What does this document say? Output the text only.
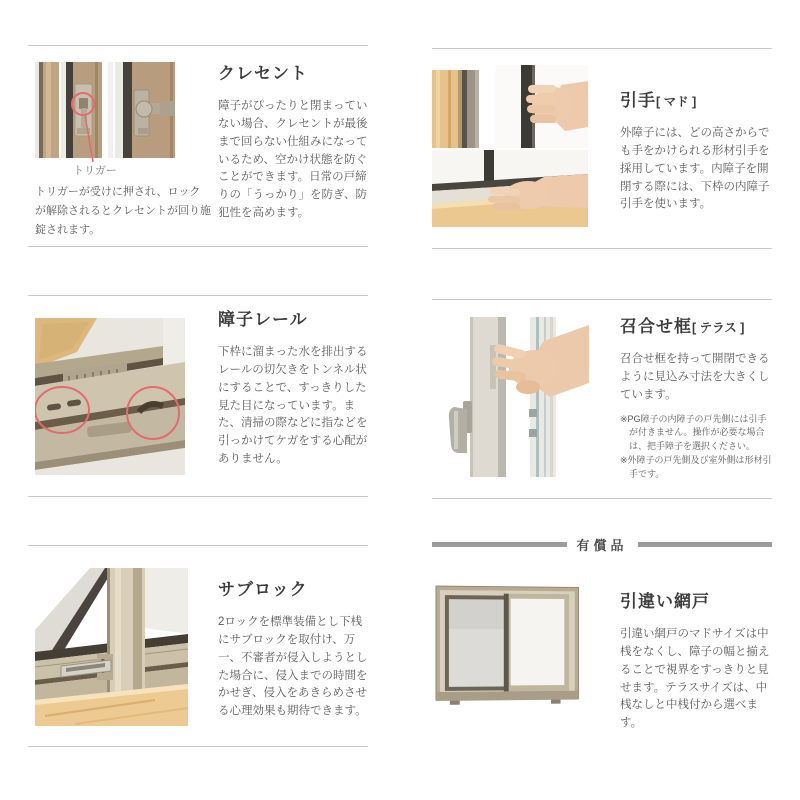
トリガー

トリガーが受けに押され、ロックが解除されるとクレセントが回り施錠されます。

クレセント

障子がぴったりと閉まっていない場合、クレセントが最後まで回らない仕組みになっているため、空かけ状態を防ぐことができます。日常の戸締りの「うっかり」を防ぎ、防犯性を高めます。

障子レール

下枠に溜まった水を排出するレールの切欠きをトンネル状にすることで、すっきりした見た目になっています。また、清掃の際などに指などを引っかけてケガをする心配がありません。

サブロック

2ロックを標準装備とし下桟にサブロックを取付け、万一、不審者が侵入しようとした場合に、侵入までの時間をかせぎ、侵入をあきらめさせる心理効果も期待できます。

引手[ マド ]

外障子には、どの高さからでも手をかけられる形材引手を採用しています。内障子を開閉する際には、下枠の内障子引手を使います。

召合せ框[ テラス ]

召合せ框を持って開閉できるように見込み寸法を大きくしています。

※PG障子の内障子の戸先側には引手が付きません。操作が必要な場合は、把手障子を選択ください。

※外障子の戸先側及び室外側は形材引手です。

有償品
引違い網戸

引違い網戸のマドサイズは中桟をなくし、障子の幅と揃えることで視界をすっきりと見せます。テラスサイズは、中桟なしと中桟付から選べます。
